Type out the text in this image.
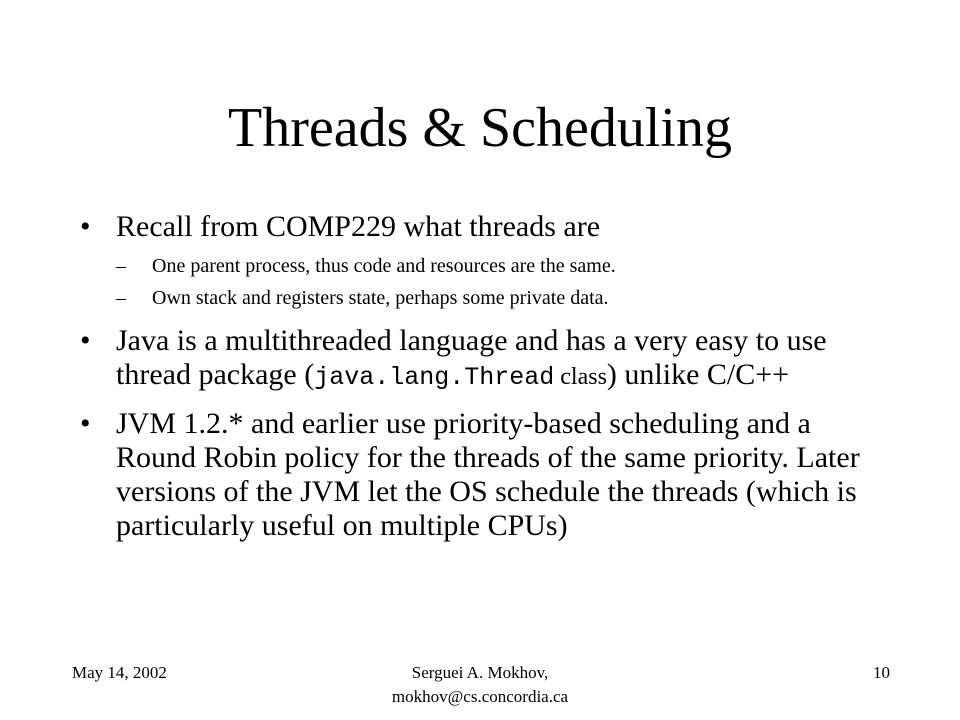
Threads & Scheduling
• Recall from COMP229 what threads are
– One parent process, thus code and resources are the same.
– Own stack and registers state, perhaps some private data.
• Java is a multithreaded language and has a very easy to use thread package (java.lang.Thread class) unlike C/C++
• JVM 1.2.* and earlier use priority-based scheduling and a Round Robin policy for the threads of the same priority. Later versions of the JVM let the OS schedule the threads (which is particularly useful on multiple CPUs)
May 14, 2002	Serguei A. Mokhov,
mokhov@cs.concordia.ca
10
